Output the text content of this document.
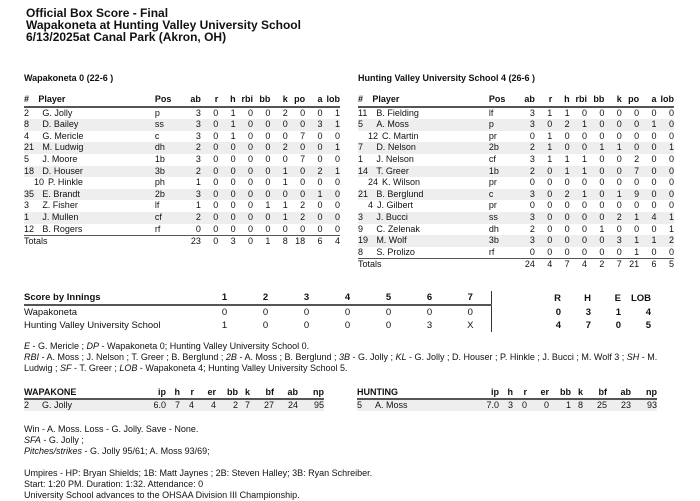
Official Box Score - Final
Wapakoneta at Hunting Valley University School
6/13/2025at Canal Park (Akron, OH)
Wapakoneta 0 (22-6 )	Hunting Valley University School 4 (26-6 )
#	Player	Pos	ab	r	h	rbi	bb	k	po	a	lob
2	G. Jolly	p	3	0	1	0	0	2	0	0	1
8	D. Bailey	ss	3	0	1	0	0	0	0	3	1
4	G. Mericle	c	3	0	1	0	0	0	7	0	0
21	M. Ludwig	dh	2	0	0	0	0	2	0	0	1
5	J. Moore	1b	3	0	0	0	0	0	7	0	0
18	D. Houser	3b	2	0	0	0	0	1	0	2	1
10 P. Hinkle		ph	1	0	0	0	0	1	0	0	0
35	E. Brandt	2b	3	0	0	0	0	0	0	1	0
3	Z. Fisher	lf	1	0	0	0	1	1	2	0	0
1	J. Mullen	cf	2	0	0	0	0	1	2	0	0
12	B. Rogers	rf	0	0	0	0	0	0	0	0	0
Totals			23	0	3	0	1	8	18	6	4
#	Player	Pos	ab	r	h	rbi	bb	k	po	a	lob
11	B. Fielding	lf	3	1	1	0	0	0	0	0	0
5	A. Moss	p	3	0	2	1	0	0	0	1	0
12 C. Martin		pr	0	1	0	0	0	0	0	0	0
7	D. Nelson	2b	2	1	0	0	1	1	0	0	1
1	J. Nelson	cf	3	1	1	1	0	0	2	0	0
14	T. Greer	1b	2	0	1	1	0	0	7	0	0
24 K. Wilson		pr	0	0	0	0	0	0	0	0	0
21	B. Berglund	c	3	0	2	1	0	1	9	0	0
4 J. Gilbert		pr	0	0	0	0	0	0	0	0	0
3	J. Bucci	ss	3	0	0	0	0	2	1	4	1
9	C. Zelenak	dh	2	0	0	0	1	0	0	0	1
19	M. Wolf	3b	3	0	0	0	0	3	1	1	2
8	S. Prolizo	rf	0	0	0	0	0	0	1	0	0
Totals			24	4	7	4	2	7	21	6	5
Score by Innings	1	2	3	4	5	6	7		R	H	E	LOB
Wapakoneta	0	0	0	0	0	0	0		0	3	1	4
Hunting Valley University School	1	0	0	0	0	3	X		4	7	0	5
E - G. Mericle ; DP - Wapakoneta 0; Hunting Valley University School 0.
RBI - A. Moss ; J. Nelson ; T. Greer ; B. Berglund ; 2B - A. Moss ; B. Berglund ; 3B - G. Jolly ; KL - G. Jolly ; D. Houser ; P. Hinkle ; J. Bucci ; M. Wolf 3 ; SH - M. Ludwig ; SF - T. Greer ; LOB - Wapakoneta 4; Hunting Valley University School 5.
WAPAKONE		ip	h	r	er	bb	k	bf	ab	np
2	G. Jolly	6.0	7	4	4	2	7	27	24	95
HUNTING		ip	h	r	er	bb	k	bf	ab	np
5	A. Moss	7.0	3	0	0	1	8	25	23	93
Win - A. Moss. Loss - G. Jolly. Save - None.
SFA - G. Jolly ;
Pitches/strikes - G. Jolly 95/61; A. Moss 93/69;
Umpires - HP: Bryan Shields; 1B: Matt Jaynes ; 2B: Steven Halley; 3B: Ryan Schreiber.
Start: 1:20 PM. Duration: 1:32. Attendance: 0
University School advances to the OHSAA Division III Championship.
